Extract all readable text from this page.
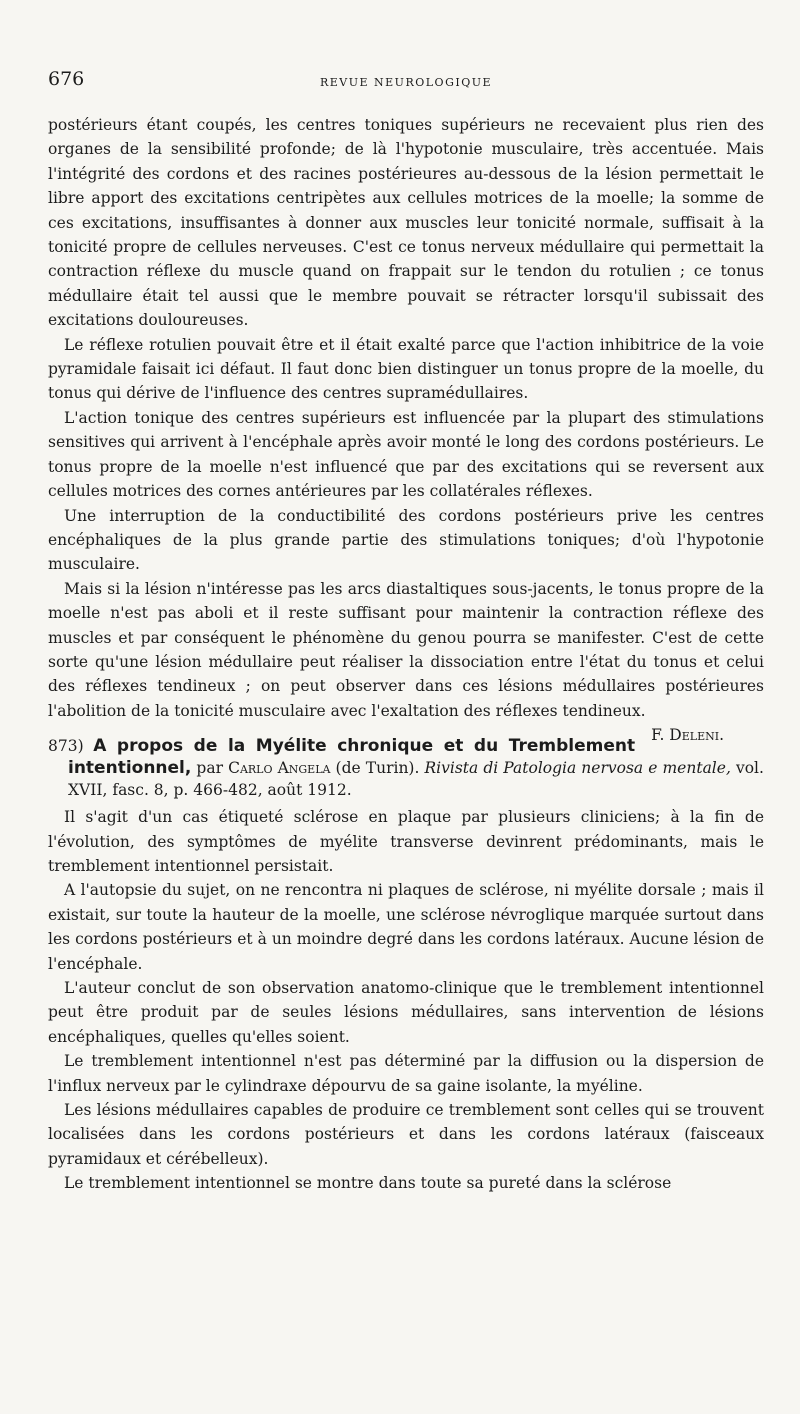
676	REVUE NEUROLOGIQUE

postérieurs étant coupés, les centres toniques supérieurs ne recevaient plus rien des organes de la sensibilité profonde; de là l'hypotonie musculaire, très accentuée. Mais l'intégrité des cordons et des racines postérieures au-dessous de la lésion permettait le libre apport des excitations centripètes aux cellules motrices de la moelle; la somme de ces excitations, insuffisantes à donner aux muscles leur tonicité normale, suffisait à la tonicité propre de cellules nerveuses. C'est ce tonus nerveux médullaire qui permettait la contraction réflexe du muscle quand on frappait sur le tendon du rotulien ; ce tonus médullaire était tel aussi que le membre pouvait se rétracter lorsqu'il subissait des excitations douloureuses.

Le réflexe rotulien pouvait être et il était exalté parce que l'action inhibitrice de la voie pyramidale faisait ici défaut. Il faut donc bien distinguer un tonus propre de la moelle, du tonus qui dérive de l'influence des centres supramédullaires.

L'action tonique des centres supérieurs est influencée par la plupart des stimulations sensitives qui arrivent à l'encéphale après avoir monté le long des cordons postérieurs. Le tonus propre de la moelle n'est influencé que par des excitations qui se reversent aux cellules motrices des cornes antérieures par les collatérales réflexes.

Une interruption de la conductibilité des cordons postérieurs prive les centres encéphaliques de la plus grande partie des stimulations toniques; d'où l'hypotonie musculaire.

Mais si la lésion n'intéresse pas les arcs diastaltiques sous-jacents, le tonus propre de la moelle n'est pas aboli et il reste suffisant pour maintenir la contraction réflexe des muscles et par conséquent le phénomène du genou pourra se manifester. C'est de cette sorte qu'une lésion médullaire peut réaliser la dissociation entre l'état du tonus et celui des réflexes tendineux ; on peut observer dans ces lésions médullaires postérieures l'abolition de la tonicité musculaire avec l'exaltation des réflexes tendineux.
F. Deleni.

873) A propos de la Myélite chronique et du Tremblement intentionnel, par Carlo Angela (de Turin). Rivista di Patologia nervosa e mentale, vol. XVII, fasc. 8, p. 466-482, août 1912.

Il s'agit d'un cas étiqueté sclérose en plaque par plusieurs cliniciens; à la fin de l'évolution, des symptômes de myélite transverse devinrent prédominants, mais le tremblement intentionnel persistait.

A l'autopsie du sujet, on ne rencontra ni plaques de sclérose, ni myélite dorsale ; mais il existait, sur toute la hauteur de la moelle, une sclérose névroglique marquée surtout dans les cordons postérieurs et à un moindre degré dans les cordons latéraux. Aucune lésion de l'encéphale.

L'auteur conclut de son observation anatomo-clinique que le tremblement intentionnel peut être produit par de seules lésions médullaires, sans intervention de lésions encéphaliques, quelles qu'elles soient.

Le tremblement intentionnel n'est pas déterminé par la diffusion ou la dispersion de l'influx nerveux par le cylindraxe dépourvu de sa gaine isolante, la myéline.

Les lésions médullaires capables de produire ce tremblement sont celles qui se trouvent localisées dans les cordons postérieurs et dans les cordons latéraux (faisceaux pyramidaux et cérébelleux).

Le tremblement intentionnel se montre dans toute sa pureté dans la sclérose
